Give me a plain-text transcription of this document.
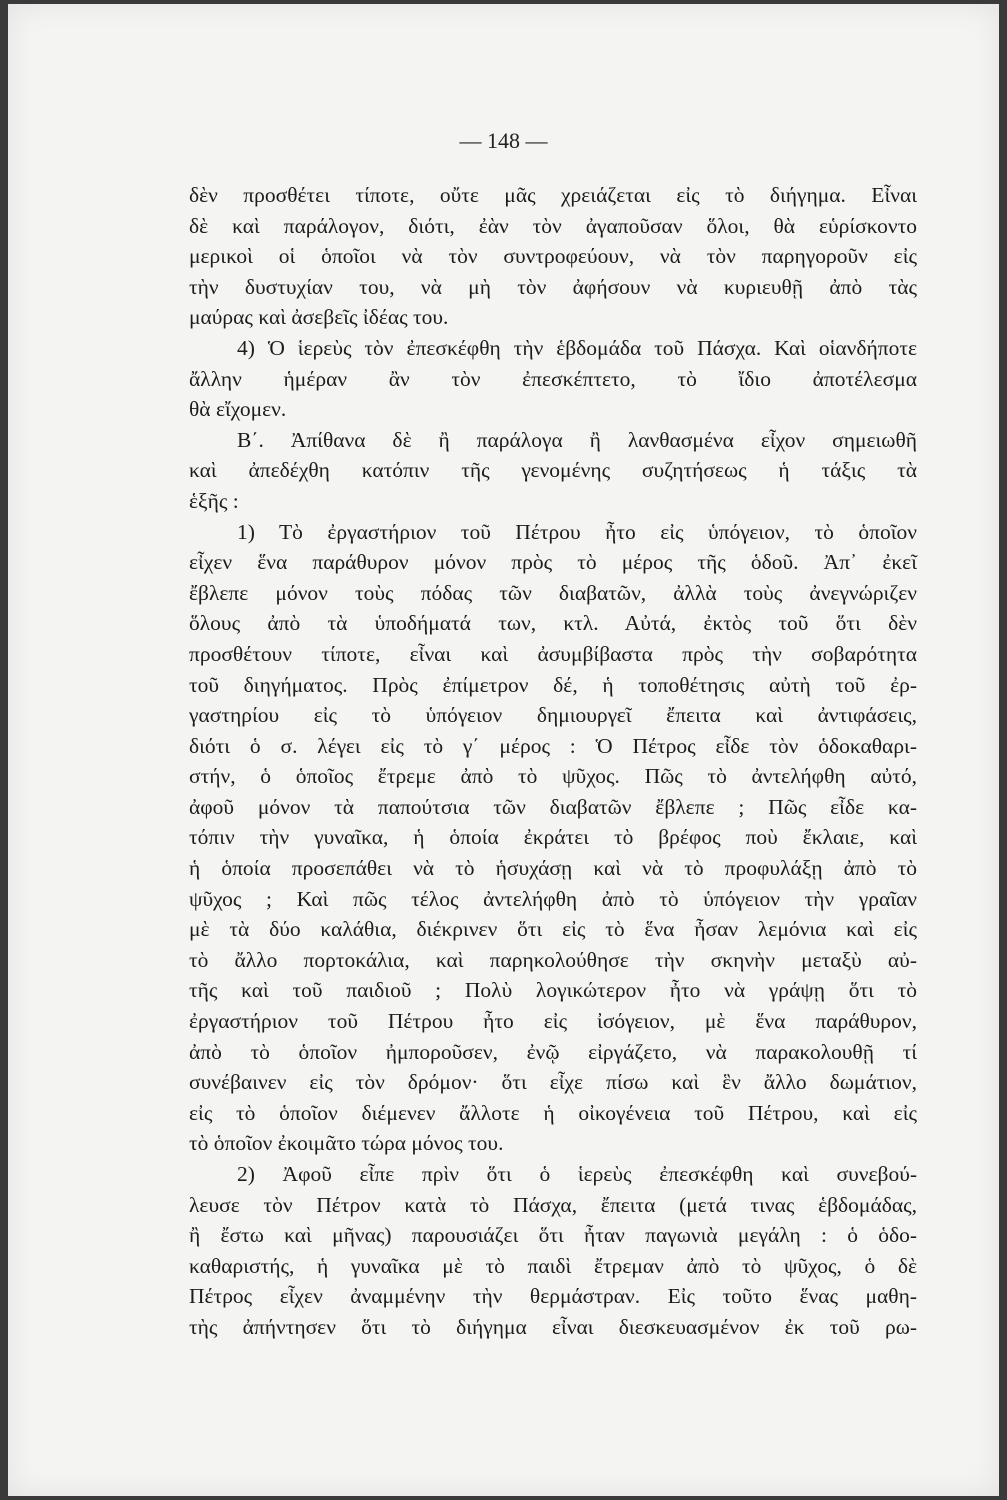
— 148 —
δὲν προσθέτει τίποτε, οὔτε μᾶς χρειάζεται εἰς τὸ διήγημα. Εἶναι
δὲ καὶ παράλογον, διότι, ἐὰν τὸν ἀγαποῦσαν ὅλοι, θὰ εὑρίσκοντο
μερικοὶ οἱ ὁποῖοι νὰ τὸν συντροφεύουν, νὰ τὸν παρηγοροῦν εἰς
τὴν δυστυχίαν του, νὰ μὴ τὸν ἀφήσουν νὰ κυριευθῇ ἀπὸ τὰς
μαύρας καὶ ἀσεβεῖς ἰδέας του.
4) Ὁ ἱερεὺς τὸν ἐπεσκέφθη τὴν ἑβδομάδα τοῦ Πάσχα. Καὶ οἱανδήποτε
ἄλλην ἡμέραν ἂν τὸν ἐπεσκέπτετο, τὸ ἴδιο ἀποτέλεσμα
θὰ εἴχομεν.
Β΄. Ἀπίθανα δὲ ἢ παράλογα ἢ λανθασμένα εἶχον σημειωθῆ
καὶ ἀπεδέχθη κατόπιν τῆς γενομένης συζητήσεως ἡ τάξις τὰ
ἑξῆς :
1) Τὸ ἐργαστήριον τοῦ Πέτρου ἦτο εἰς ὑπόγειον, τὸ ὁποῖον
εἶχεν ἕνα παράθυρον μόνον πρὸς τὸ μέρος τῆς ὁδοῦ. Ἀπ᾿ ἐκεῖ
ἔβλεπε μόνον τοὺς πόδας τῶν διαβατῶν, ἀλλὰ τοὺς ἀνεγνώριζεν
ὅλους ἀπὸ τὰ ὑποδήματά των, κτλ. Αὐτά, ἐκτὸς τοῦ ὅτι δὲν
προσθέτουν τίποτε, εἶναι καὶ ἀσυμβίβαστα πρὸς τὴν σοβαρότητα
τοῦ διηγήματος. Πρὸς ἐπίμετρον δέ, ἡ τοποθέτησις αὐτὴ τοῦ ἐρ-
γαστηρίου εἰς τὸ ὑπόγειον δημιουργεῖ ἔπειτα καὶ ἀντιφάσεις,
διότι ὁ σ. λέγει εἰς τὸ γ΄ μέρος : Ὁ Πέτρος εἶδε τὸν ὁδοκαθαρι-
στήν, ὁ ὁποῖος ἔτρεμε ἀπὸ τὸ ψῦχος. Πῶς τὸ ἀντελήφθη αὐτό,
ἀφοῦ μόνον τὰ παπούτσια τῶν διαβατῶν ἔβλεπε ; Πῶς εἶδε κα-
τόπιν τὴν γυναῖκα, ἡ ὁποία ἐκράτει τὸ βρέφος ποὺ ἔκλαιε, καὶ
ἡ ὁποία προσεπάθει νὰ τὸ ἡσυχάσῃ καὶ νὰ τὸ προφυλάξῃ ἀπὸ τὸ
ψῦχος ; Καὶ πῶς τέλος ἀντελήφθη ἀπὸ τὸ ὑπόγειον τὴν γραῖαν
μὲ τὰ δύο καλάθια, διέκρινεν ὅτι εἰς τὸ ἕνα ἦσαν λεμόνια καὶ εἰς
τὸ ἄλλο πορτοκάλια, καὶ παρηκολούθησε τὴν σκηνὴν μεταξὺ αὐ-
τῆς καὶ τοῦ παιδιοῦ ; Πολὺ λογικώτερον ἦτο νὰ γράψῃ ὅτι τὸ
ἐργαστήριον τοῦ Πέτρου ἦτο εἰς ἰσόγειον, μὲ ἕνα παράθυρον,
ἀπὸ τὸ ὁποῖον ἠμποροῦσεν, ἐνῷ εἰργάζετο, νὰ παρακολουθῇ τί
συνέβαινεν εἰς τὸν δρόμον· ὅτι εἶχε πίσω καὶ ἓν ἄλλο δωμάτιον,
εἰς τὸ ὁποῖον διέμενεν ἄλλοτε ἡ οἰκογένεια τοῦ Πέτρου, καὶ εἰς
τὸ ὁποῖον ἐκοιμᾶτο τώρα μόνος του.
2) Ἀφοῦ εἶπε πρὶν ὅτι ὁ ἱερεὺς ἐπεσκέφθη καὶ συνεβού-
λευσε τὸν Πέτρον κατὰ τὸ Πάσχα, ἔπειτα (μετά τινας ἑβδομάδας,
ἢ ἔστω καὶ μῆνας) παρουσιάζει ὅτι ἦταν παγωνιὰ μεγάλη : ὁ ὁδο-
καθαριστής, ἡ γυναῖκα μὲ τὸ παιδὶ ἔτρεμαν ἀπὸ τὸ ψῦχος, ὁ δὲ
Πέτρος εἶχεν ἀναμμένην τὴν θερμάστραν. Εἰς τοῦτο ἕνας μαθη-
τὴς ἀπήντησεν ὅτι τὸ διήγημα εἶναι διεσκευασμένον ἐκ τοῦ ρω-
